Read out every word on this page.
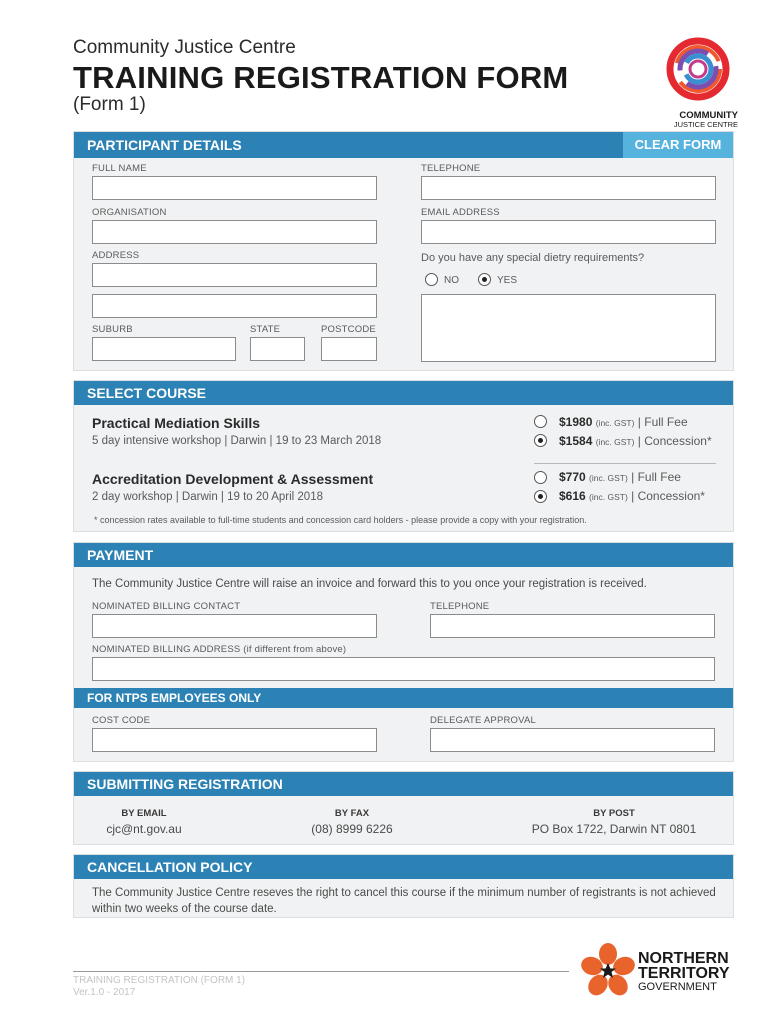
Community Justice Centre
TRAINING REGISTRATION FORM
(Form 1)
COMMUNITY
JUSTICE CENTRE
PARTICIPANT DETAILS	CLEAR FORM
FULL NAME	TELEPHONE
ORGANISATION	EMAIL ADDRESS
ADDRESS	Do you have any special dietry requirements?
NO	YES
SUBURB	STATE	POSTCODE
SELECT COURSE
Practical Mediation Skills
5 day intensive workshop | Darwin | 19 to 23 March 2018
$1980 (inc. GST) | Full Fee
$1584 (inc. GST) | Concession*
Accreditation Development & Assessment
2 day workshop | Darwin | 19 to 20 April 2018
$770 (inc. GST) | Full Fee
$616 (inc. GST) | Concession*
* concession rates available to full-time students and concession card holders - please provide a copy with your registration.
PAYMENT
The Community Justice Centre will raise an invoice and forward this to you once your registration is received.
NOMINATED BILLING CONTACT	TELEPHONE
NOMINATED BILLING ADDRESS (if different from above)
FOR NTPS EMPLOYEES ONLY
COST CODE	DELEGATE APPROVAL
SUBMITTING REGISTRATION
BY EMAIL
cjc@nt.gov.au
BY FAX
(08) 8999 6226
BY POST
PO Box 1722, Darwin NT 0801
CANCELLATION POLICY
The Community Justice Centre reseves the right to cancel this course if the minimum number of registrants is not achieved within two weeks of the course date.
TRAINING REGISTRATION (FORM 1)
Ver.1.0 - 2017
NORTHERN
TERRITORY
GOVERNMENT
